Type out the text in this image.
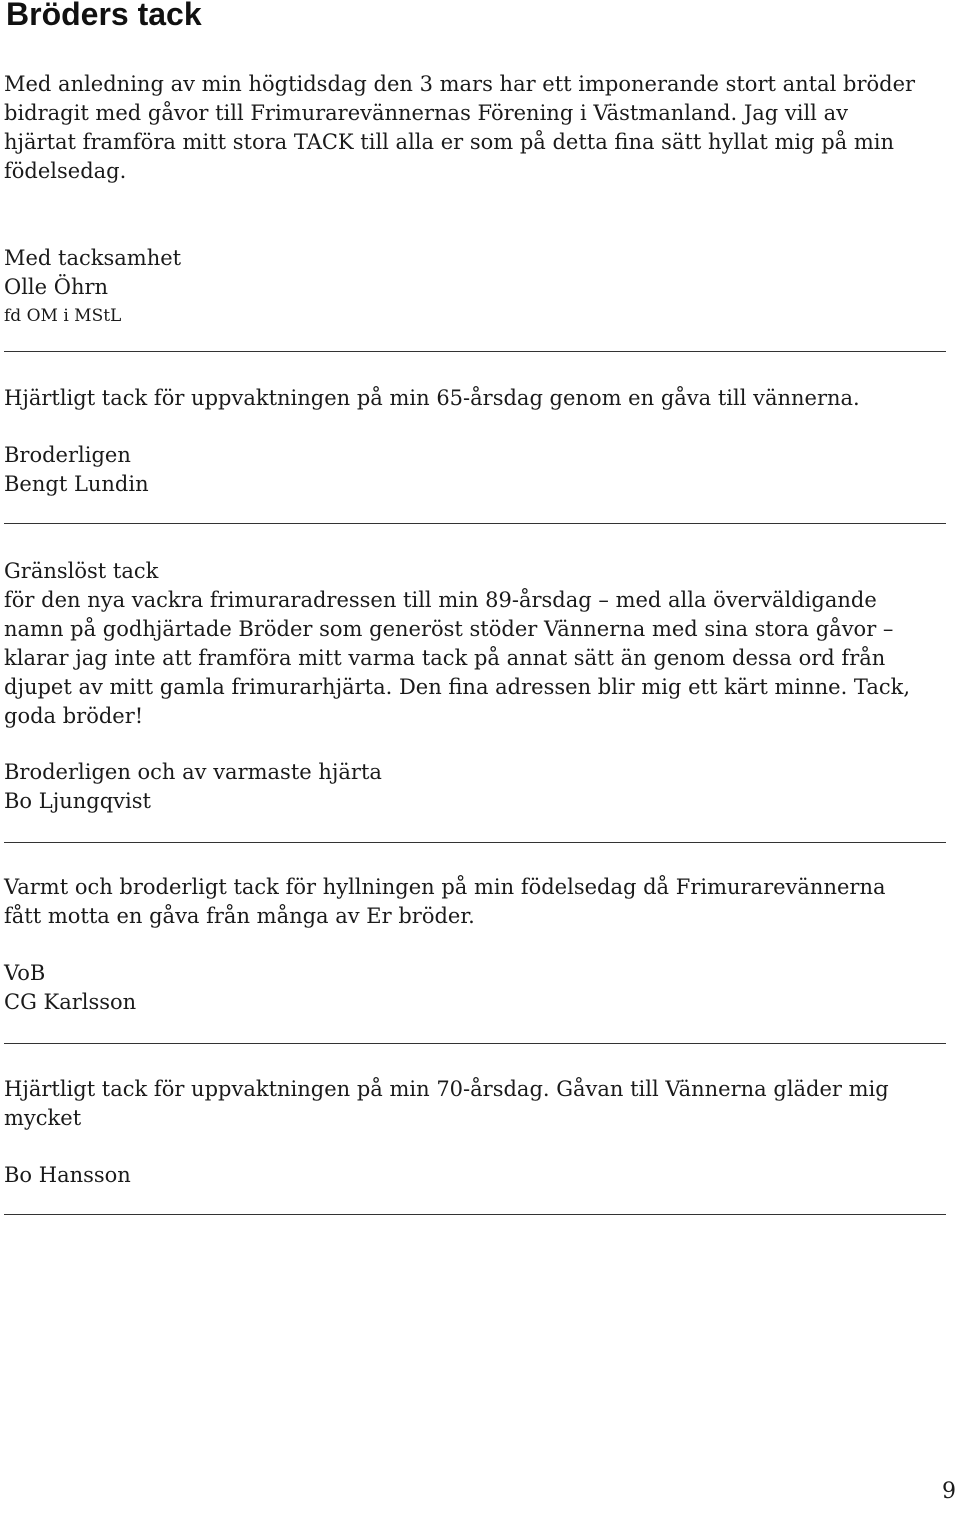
Bröders tack
Med anledning av min högtidsdag den 3 mars har ett imponerande stort antal bröder
bidragit med gåvor till Frimurarevännernas Förening i Västmanland. Jag vill av
hjärtat framföra mitt stora TACK till alla er som på detta fina sätt hyllat mig på min
födelsedag.
Med tacksamhet
Olle Öhrn
fd OM i MStL
Hjärtligt tack för uppvaktningen på min 65-årsdag genom en gåva till vännerna.
Broderligen
Bengt Lundin
Gränslöst tack
för den nya vackra frimuraradressen till min 89-årsdag – med alla överväldigande
namn på godhjärtade Bröder som generöst stöder Vännerna med sina stora gåvor –
klarar jag inte att framföra mitt varma tack på annat sätt än genom dessa ord från
djupet av mitt gamla frimurarhjärta. Den fina adressen blir mig ett kärt minne. Tack,
goda bröder!
Broderligen och av varmaste hjärta
Bo Ljungqvist
Varmt och broderligt tack för hyllningen på min födelsedag då Frimurarevännerna
fått motta en gåva från många av Er bröder.
VoB
CG Karlsson
Hjärtligt tack för uppvaktningen på min 70-årsdag. Gåvan till Vännerna gläder mig
mycket
Bo Hansson
9
